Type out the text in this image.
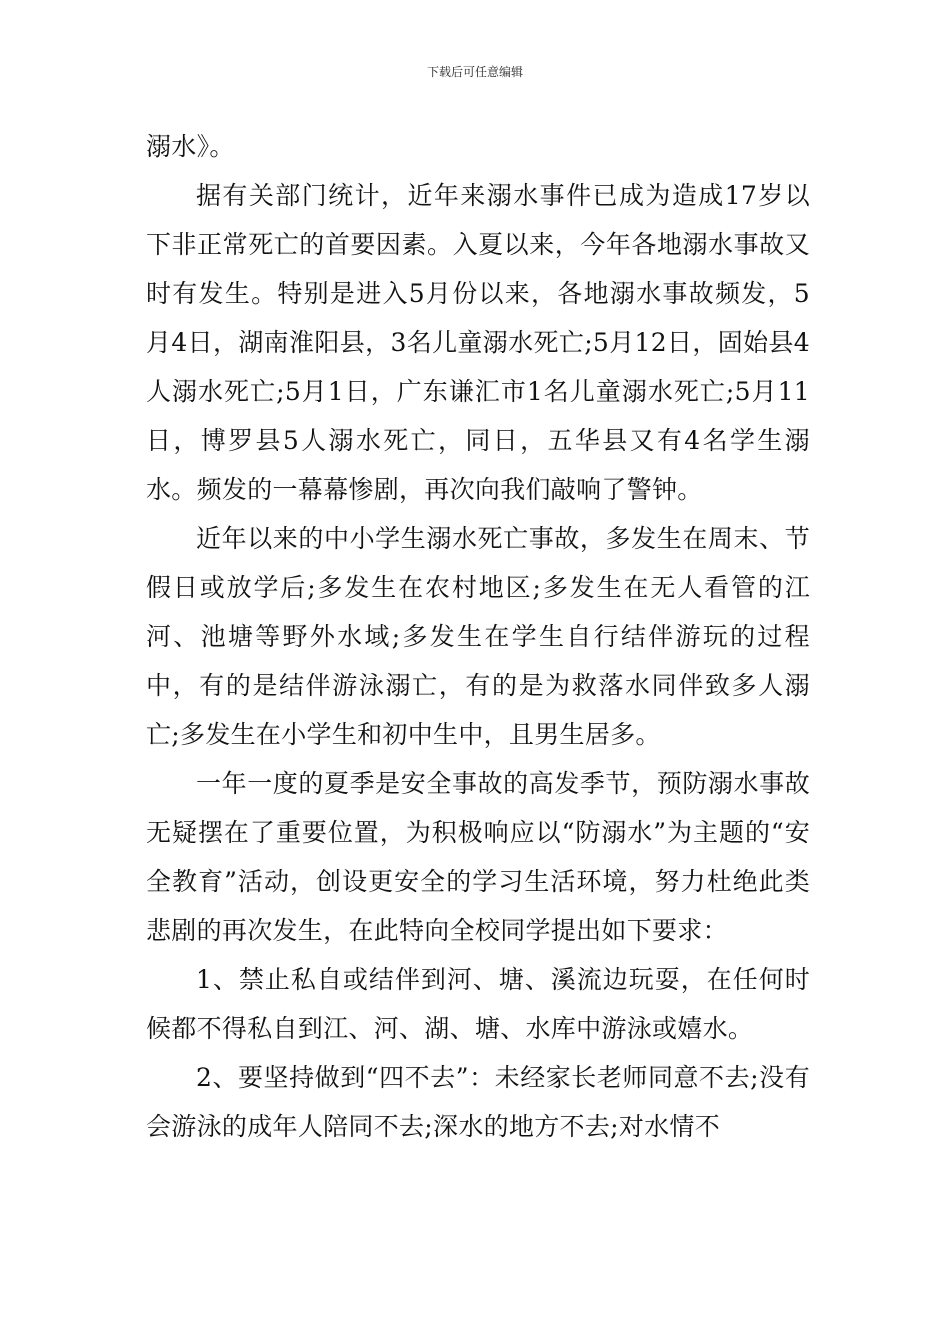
下载后可任意编辑

溺水》。

据有关部门统计，近年来溺水事件已成为造成17岁以下非正常死亡的首要因素。入夏以来，今年各地溺水事故又时有发生。特别是进入5月份以来，各地溺水事故频发，5月4日，湖南淮阳县，3名儿童溺水死亡;5月12日，固始县4人溺水死亡;5月1日，广东谦汇市1名儿童溺水死亡;5月11日，博罗县5人溺水死亡，同日，五华县又有4名学生溺水。频发的一幕幕惨剧，再次向我们敲响了警钟。

近年以来的中小学生溺水死亡事故，多发生在周末、节假日或放学后;多发生在农村地区;多发生在无人看管的江河、池塘等野外水域;多发生在学生自行结伴游玩的过程中，有的是结伴游泳溺亡，有的是为救落水同伴致多人溺亡;多发生在小学生和初中生中，且男生居多。

一年一度的夏季是安全事故的高发季节，预防溺水事故无疑摆在了重要位置，为积极响应以“防溺水”为主题的“安全教育”活动，创设更安全的学习生活环境，努力杜绝此类悲剧的再次发生，在此特向全校同学提出如下要求：

1、禁止私自或结伴到河、塘、溪流边玩耍，在任何时候都不得私自到江、河、湖、塘、水库中游泳或嬉水。

2、要坚持做到“四不去”：未经家长老师同意不去;没有会游泳的成年人陪同不去;深水的地方不去;对水情不
